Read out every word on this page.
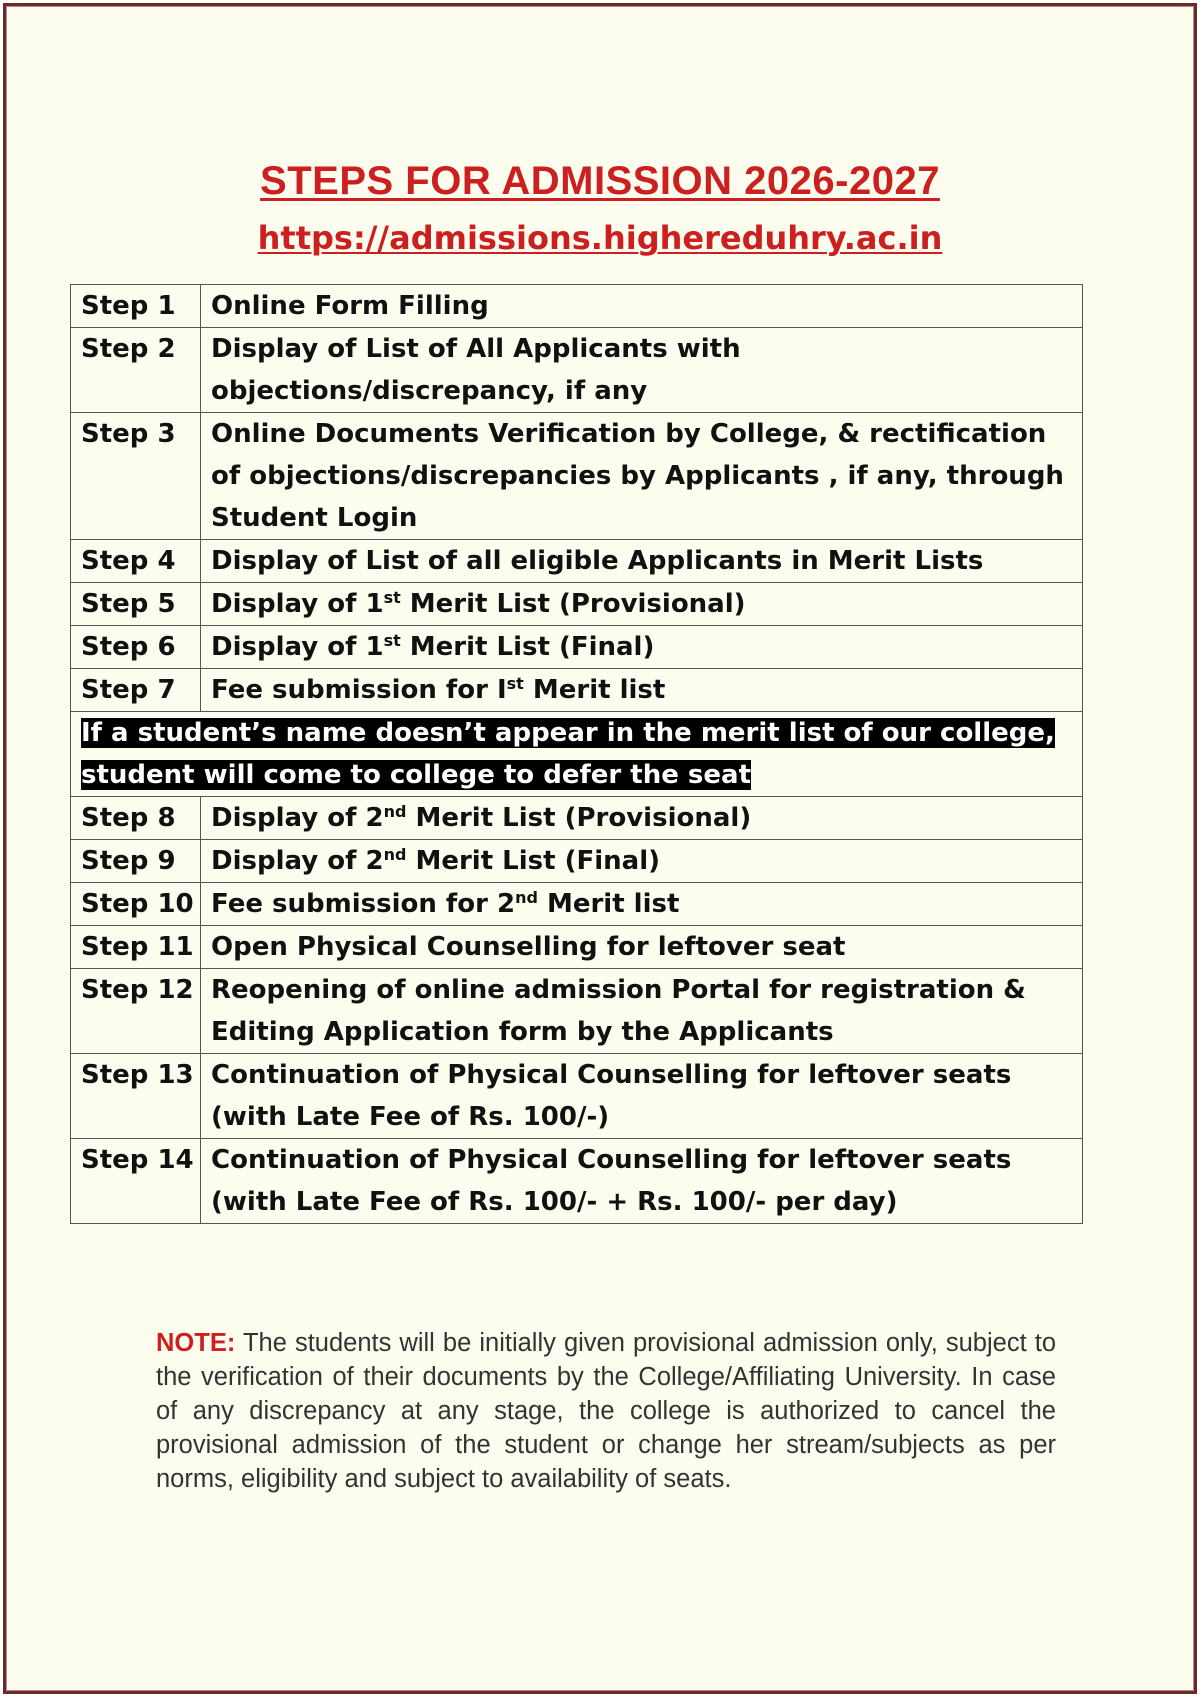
STEPS FOR ADMISSION 2026-2027
https://admissions.highereduhry.ac.in
Step 1	Online Form Filling
Step 2	Display of List of All Applicants with objections/discrepancy, if any
Step 3	Online Documents Verification by College, & rectification of objections/discrepancies by Applicants , if any, through Student Login
Step 4	Display of List of all eligible Applicants in Merit Lists
Step 5	Display of 1st Merit List (Provisional)
Step 6	Display of 1st Merit List (Final)
Step 7	Fee submission for Ist Merit list
If a student’s name doesn’t appear in the merit list of our college, student will come to college to defer the seat	
Step 8	Display of 2nd Merit List (Provisional)
Step 9	Display of 2nd Merit List (Final)
Step 10	Fee submission for 2nd Merit list
Step 11	Open Physical Counselling for leftover seat
Step 12	Reopening of online admission Portal for registration & Editing Application form by the Applicants
Step 13	Continuation of Physical Counselling for leftover seats (with Late Fee of Rs. 100/-)
Step 14	Continuation of Physical Counselling for leftover seats (with Late Fee of Rs. 100/- + Rs. 100/- per day)

NOTE: The students will be initially given provisional admission only, subject to the verification of their documents by the College/Affiliating University. In case of any discrepancy at any stage, the college is authorized to cancel the provisional admission of the student or change her stream/subjects as per norms, eligibility and subject to availability of seats.
